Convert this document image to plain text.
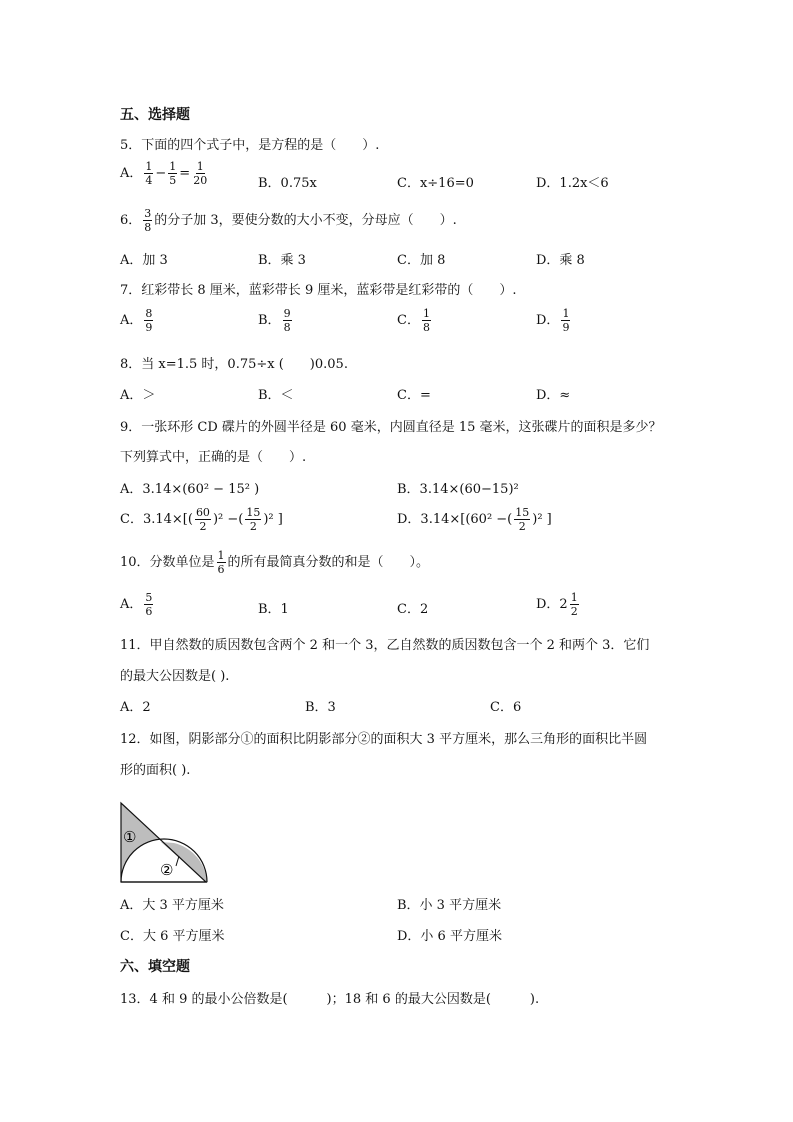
五、选择题
5．下面的四个式子中，是方程的是（　　）.
A． $\frac{1}{4} - \frac{1}{5} = \frac{1}{20}$	B．0.75x	C．x÷16=0	D．1.2x＜6
6． $\frac{3}{8}$ 的分子加 3，要使分数的大小不变，分母应（　　）.
A．加 3	B．乘 3	C．加 8	D．乘 8
7．红彩带长 8 厘米，蓝彩带长 9 厘米，蓝彩带是红彩带的（　　）.
A． $\frac{8}{9}$	B． $\frac{9}{8}$	C． $\frac{1}{8}$	D． $\frac{1}{9}$
8．当 x=1.5 时，0.75÷x (　　)0.05.
A．＞	B．＜	C．=	D．≈
9．一张环形 CD 碟片的外圆半径是 60 毫米，内圆直径是 15 毫米，这张碟片的面积是多少？
下列算式中，正确的是（　　）.
A．3.14×(60² − 15² )	B．3.14×(60−15)²
C．$3.14\times[( \frac{60}{2} )^2$ −( $\frac{15}{2} )^2$ ]	D．3.14×[(60² −( $\frac{15}{2} )^2$ ]
10．分数单位是 $\frac{1}{6}$ 的所有最简真分数的和是（　　）。
A． $\frac{5}{6}$	B．1	C．2	D．$2 \frac{1}{2}$
11．甲自然数的质因数包含两个 2 和一个 3，乙自然数的质因数包含一个 2 和两个 3．它们
的最大公因数是( ).
A．2	B．3	C．6
12．如图，阴影部分①的面积比阴影部分②的面积大 3 平方厘米，那么三角形的面积比半圆
形的面积( ).
①
②
A．大 3 平方厘米	B．小 3 平方厘米
C．大 6 平方厘米	D．小 6 平方厘米
六、填空题
13．4 和 9 的最小公倍数是(　　　)；18 和 6 的最大公因数是(　　　).
